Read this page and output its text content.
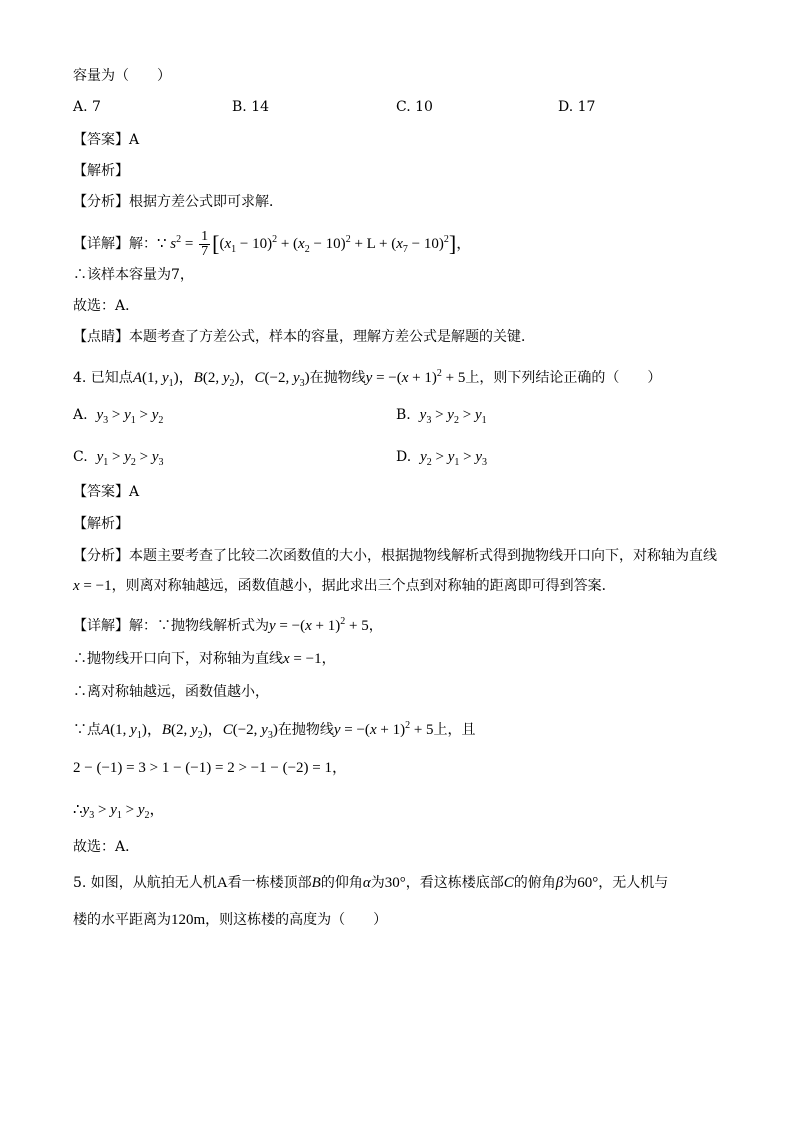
容量为（　　）
A. 7	B. 14	C. 10	D. 17
【答案】A
【解析】
【分析】根据方差公式即可求解．
【详解】解：∵ $s^2 = \frac{1}{7} [(x_1 - 10)^2 + (x_2 - 10)^2 + L + (x_7 - 10)^2]$，
∴该样本容量为7，
故选：A．
【点睛】本题考查了方差公式，样本的容量，理解方差公式是解题的关键．
4. 已知点A(1, $y_1$)，B(2, $y_2$)，C(−2, $y_3$)在抛物线$y = -(x + 1)^2 + 5$上，则下列结论正确的（　　）
A. $y_3 > y_1 > y_2$	B. $y_3 > y_2 > y_1$
C. $y_1 > y_2 > y_3$	D. $y_2 > y_1 > y_3$
【答案】A
【解析】
【分析】本题主要考查了比较二次函数值的大小，根据抛物线解析式得到抛物线开口向下，对称轴为直线
x = −1，则离对称轴越远，函数值越小，据此求出三个点到对称轴的距离即可得到答案．
【详解】解：∵抛物线解析式为$y = -(x + 1)^2 + 5$，
∴抛物线开口向下，对称轴为直线x = −1，
∴离对称轴越远，函数值越小，
∵点A(1, $y_1$)，B(2, $y_2$)，C(−2, $y_3$)在抛物线$y = -(x + 1)^2 + 5$上，且
2 − (−1) = 3 > 1 − (−1) = 2 > −1 − (−2) = 1，
$\therefore y_3 > y_1 > y_2$，
故选：A．
5. 如图，从航拍无人机A看一栋楼顶部B的仰角α为30°，看这栋楼底部C的俯角β为60°，无人机与
楼的水平距离为120m，则这栋楼的高度为（　　）
